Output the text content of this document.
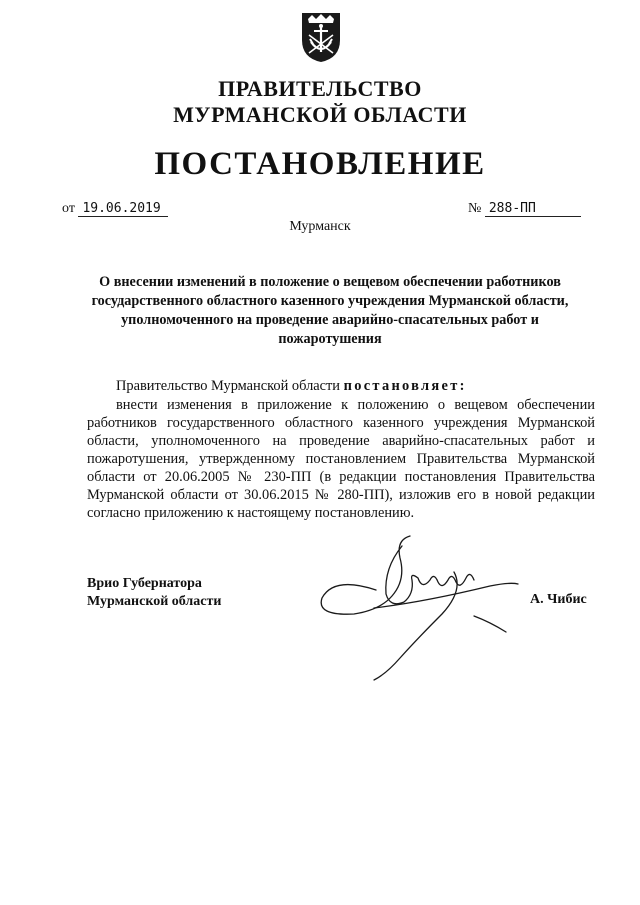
ПРАВИТЕЛЬСТВО
МУРМАНСКОЙ ОБЛАСТИ
ПОСТАНОВЛЕНИЕ
от 19.06.2019	№ 288-ПП
Мурманск
О внесении изменений в положение о вещевом обеспечении работников государственного областного казенного учреждения Мурманской области, уполномоченного на проведение аварийно-спасательных работ и пожаротушения
Правительство Мурманской области постановляет:
внести изменения в приложение к положению о вещевом обеспечении работников государственного областного казенного учреждения Мурманской области, уполномоченного на проведение аварийно-спасательных работ и пожаротушения, утвержденному постановлением Правительства Мурманской области от 20.06.2005 № 230-ПП (в редакции постановления Правительства Мурманской области от 30.06.2015 № 280-ПП), изложив его в новой редакции согласно приложению к настоящему постановлению.
Врио Губернатора
Мурманской области	А. Чибис
